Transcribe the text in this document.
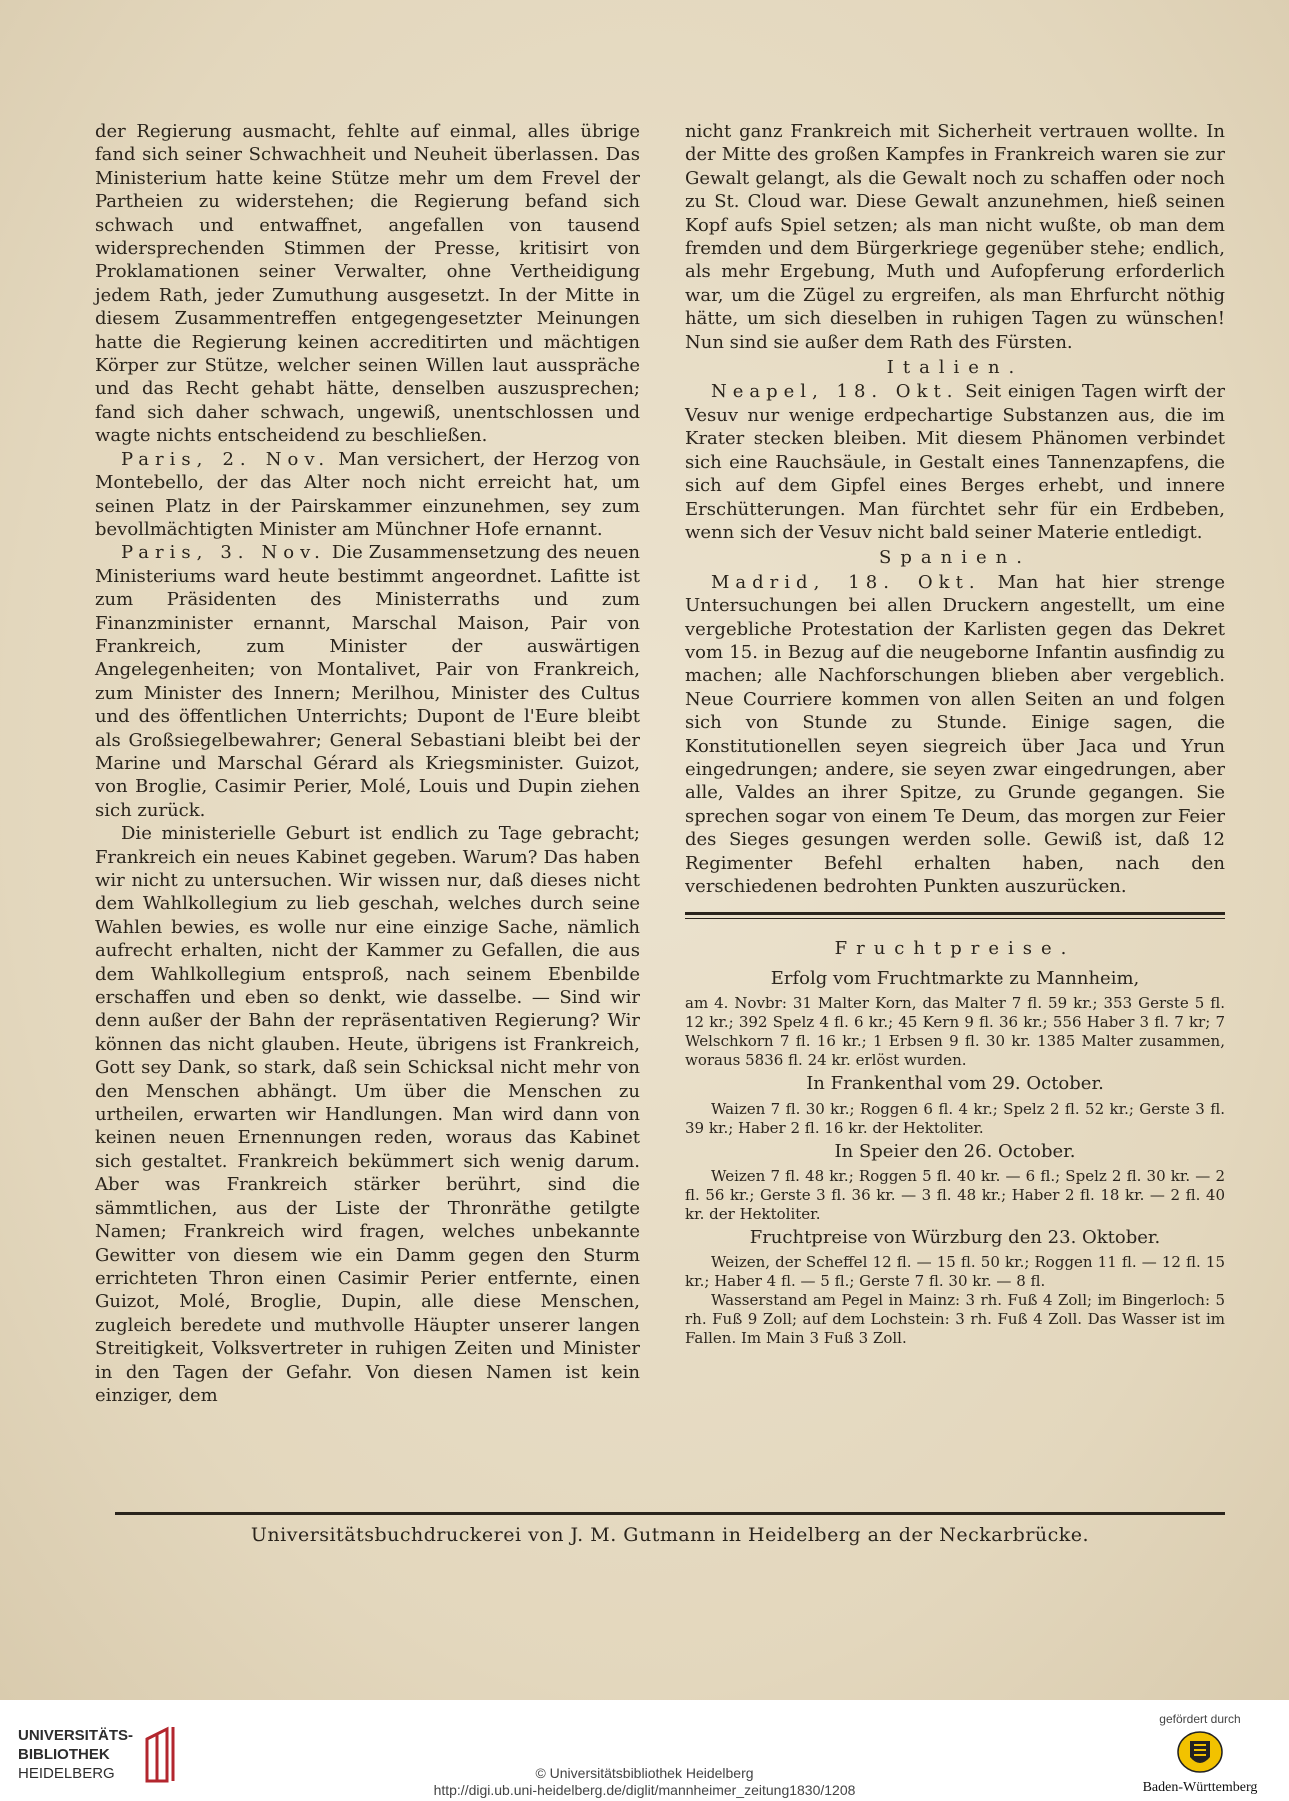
der Regierung ausmacht, fehlte auf einmal, alles übrige fand sich seiner Schwachheit und Neuheit überlassen. Das Ministerium hatte keine Stütze mehr um dem Frevel der Partheien zu widerstehen; die Regierung befand sich schwach und entwaffnet, angefallen von tausend widersprechenden Stimmen der Presse, kritisirt von Proklamationen seiner Verwalter, ohne Vertheidigung jedem Rath, jeder Zumuthung ausgesetzt. In der Mitte in diesem Zusammentreffen entgegengesetzter Meinungen hatte die Regierung keinen accreditirten und mächtigen Körper zur Stütze, welcher seinen Willen laut ausspräche und das Recht gehabt hätte, denselben auszusprechen; fand sich daher schwach, ungewiß, unentschlossen und wagte nichts entscheidend zu beschließen.

Paris, 2. Nov. Man versichert, der Herzog von Montebello, der das Alter noch nicht erreicht hat, um seinen Platz in der Pairskammer einzunehmen, sey zum bevollmächtigten Minister am Münchner Hofe ernannt.

Paris, 3. Nov. Die Zusammensetzung des neuen Ministeriums ward heute bestimmt angeordnet. Lafitte ist zum Präsidenten des Ministerraths und zum Finanzminister ernannt, Marschal Maison, Pair von Frankreich, zum Minister der auswärtigen Angelegenheiten; von Montalivet, Pair von Frankreich, zum Minister des Innern; Merilhou, Minister des Cultus und des öffentlichen Unterrichts; Dupont de l'Eure bleibt als Großsiegelbewahrer; General Sebastiani bleibt bei der Marine und Marschal Gérard als Kriegsminister. Guizot, von Broglie, Casimir Perier, Molé, Louis und Dupin ziehen sich zurück.

Die ministerielle Geburt ist endlich zu Tage gebracht; Frankreich ein neues Kabinet gegeben. Warum? Das haben wir nicht zu untersuchen. Wir wissen nur, daß dieses nicht dem Wahlkollegium zu lieb geschah, welches durch seine Wahlen bewies, es wolle nur eine einzige Sache, nämlich aufrecht erhalten, nicht der Kammer zu Gefallen, die aus dem Wahlkollegium entsproß, nach seinem Ebenbilde erschaffen und eben so denkt, wie dasselbe. — Sind wir denn außer der Bahn der repräsentativen Regierung? Wir können das nicht glauben. Heute, übrigens ist Frankreich, Gott sey Dank, so stark, daß sein Schicksal nicht mehr von den Menschen abhängt. Um über die Menschen zu urtheilen, erwarten wir Handlungen. Man wird dann von keinen neuen Ernennungen reden, woraus das Kabinet sich gestaltet. Frankreich bekümmert sich wenig darum. Aber was Frankreich stärker berührt, sind die sämmtlichen, aus der Liste der Thronräthe getilgte Namen; Frankreich wird fragen, welches unbekannte Gewitter von diesem wie ein Damm gegen den Sturm errichteten Thron einen Casimir Perier entfernte, einen Guizot, Molé, Broglie, Dupin, alle diese Menschen, zugleich beredete und muthvolle Häupter unserer langen Streitigkeit, Volksvertreter in ruhigen Zeiten und Minister in den Tagen der Gefahr. Von diesen Namen ist kein einziger, dem

nicht ganz Frankreich mit Sicherheit vertrauen wollte. In der Mitte des großen Kampfes in Frankreich waren sie zur Gewalt gelangt, als die Gewalt noch zu schaffen oder noch zu St. Cloud war. Diese Gewalt anzunehmen, hieß seinen Kopf aufs Spiel setzen; als man nicht wußte, ob man dem fremden und dem Bürgerkriege gegenüber stehe; endlich, als mehr Ergebung, Muth und Aufopferung erforderlich war, um die Zügel zu ergreifen, als man Ehrfurcht nöthig hätte, um sich dieselben in ruhigen Tagen zu wünschen! Nun sind sie außer dem Rath des Fürsten.

Italien.

Neapel, 18. Okt. Seit einigen Tagen wirft der Vesuv nur wenige erdpechartige Substanzen aus, die im Krater stecken bleiben. Mit diesem Phänomen verbindet sich eine Rauchsäule, in Gestalt eines Tannenzapfens, die sich auf dem Gipfel eines Berges erhebt, und innere Erschütterungen. Man fürchtet sehr für ein Erdbeben, wenn sich der Vesuv nicht bald seiner Materie entledigt.

Spanien.

Madrid, 18. Okt. Man hat hier strenge Untersuchungen bei allen Druckern angestellt, um eine vergebliche Protestation der Karlisten gegen das Dekret vom 15. in Bezug auf die neugeborne Infantin ausfindig zu machen; alle Nachforschungen blieben aber vergeblich. Neue Courriere kommen von allen Seiten an und folgen sich von Stunde zu Stunde. Einige sagen, die Konstitutionellen seyen siegreich über Jaca und Yrun eingedrungen; andere, sie seyen zwar eingedrungen, aber alle, Valdes an ihrer Spitze, zu Grunde gegangen. Sie sprechen sogar von einem Te Deum, das morgen zur Feier des Sieges gesungen werden solle. Gewiß ist, daß 12 Regimenter Befehl erhalten haben, nach den verschiedenen bedrohten Punkten auszurücken.

Fruchtpreise.
Erfolg vom Fruchtmarkte zu Mannheim,

am 4. Novbr: 31 Malter Korn, das Malter 7 fl. 59 kr.; 353 Gerste 5 fl. 12 kr.; 392 Spelz 4 fl. 6 kr.; 45 Kern 9 fl. 36 kr.; 556 Haber 3 fl. 7 kr; 7 Welschkorn 7 fl. 16 kr.; 1 Erbsen 9 fl. 30 kr. 1385 Malter zusammen, woraus 5836 fl. 24 kr. erlöst wurden.

In Frankenthal vom 29. October.

Waizen 7 fl. 30 kr.; Roggen 6 fl. 4 kr.; Spelz 2 fl. 52 kr.; Gerste 3 fl. 39 kr.; Haber 2 fl. 16 kr. der Hektoliter.

In Speier den 26. October.

Weizen 7 fl. 48 kr.; Roggen 5 fl. 40 kr. — 6 fl.; Spelz 2 fl. 30 kr. — 2 fl. 56 kr.; Gerste 3 fl. 36 kr. — 3 fl. 48 kr.; Haber 2 fl. 18 kr. — 2 fl. 40 kr. der Hektoliter.

Fruchtpreise von Würzburg den 23. Oktober.

Weizen, der Scheffel 12 fl. — 15 fl. 50 kr.; Roggen 11 fl. — 12 fl. 15 kr.; Haber 4 fl. — 5 fl.; Gerste 7 fl. 30 kr. — 8 fl.

Wasserstand am Pegel in Mainz: 3 rh. Fuß 4 Zoll; im Bingerloch: 5 rh. Fuß 9 Zoll; auf dem Lochstein: 3 rh. Fuß 4 Zoll. Das Wasser ist im Fallen. Im Main 3 Fuß 3 Zoll.

Universitätsbuchdruckerei von J. M. Gutmann in Heidelberg an der Neckarbrücke.
UNIVERSITÄTS-
BIBLIOTHEK
HEIDELBERG	© Universitätsbibliothek Heidelberg
http://digi.ub.uni-heidelberg.de/diglit/mannheimer_zeitung1830/1208
gefördert durch
Baden-Württemberg
